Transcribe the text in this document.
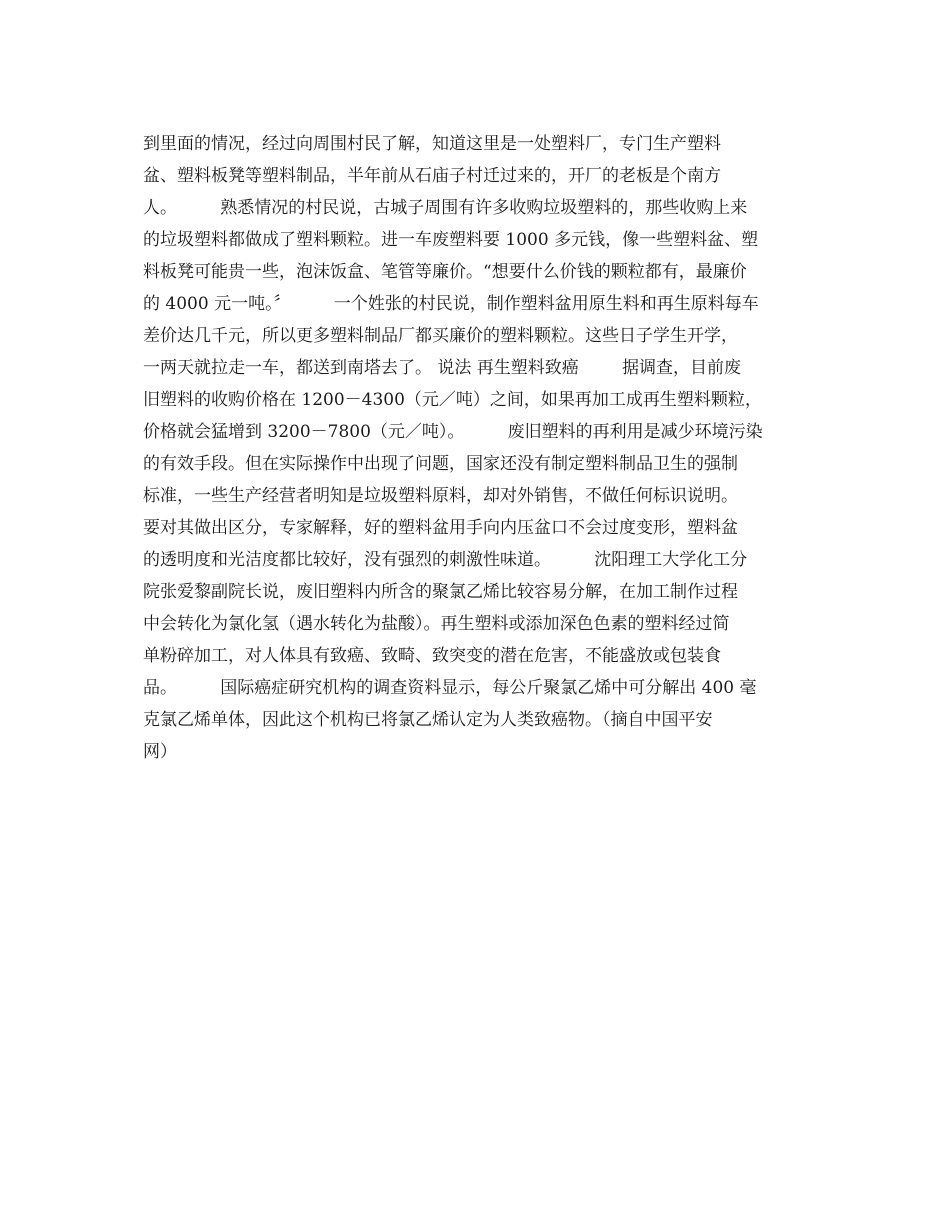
到里面的情况，经过向周围村民了解，知道这里是一处塑料厂，专门生产塑料
盆、塑料板凳等塑料制品，半年前从石庙子村迁过来的，开厂的老板是个南方
人。        熟悉情况的村民说，古城子周围有许多收购垃圾塑料的，那些收购上来
的垃圾塑料都做成了塑料颗粒。进一车废塑料要 1000 多元钱，像一些塑料盆、塑
料板凳可能贵一些，泡沫饭盒、笔管等廉价。“想要什么价钱的颗粒都有，最廉价
的 4000 元一吨。〞        一个姓张的村民说，制作塑料盆用原生料和再生原料每车
差价达几千元，所以更多塑料制品厂都买廉价的塑料颗粒。这些日子学生开学，
一两天就拉走一车，都送到南塔去了。 说法 再生塑料致癌        据调查，目前废
旧塑料的收购价格在 1200－4300（元／吨）之间，如果再加工成再生塑料颗粒，
价格就会猛增到 3200－7800（元／吨）。        废旧塑料的再利用是减少环境污染
的有效手段。但在实际操作中出现了问题，国家还没有制定塑料制品卫生的强制
标准，一些生产经营者明知是垃圾塑料原料，却对外销售，不做任何标识说明。
要对其做出区分，专家解释，好的塑料盆用手向内压盆口不会过度变形，塑料盆
的透明度和光洁度都比较好，没有强烈的刺激性味道。        沈阳理工大学化工分
院张爱黎副院长说，废旧塑料内所含的聚氯乙烯比较容易分解，在加工制作过程
中会转化为氯化氢（遇水转化为盐酸）。再生塑料或添加深色色素的塑料经过简
单粉碎加工，对人体具有致癌、致畸、致突变的潜在危害，不能盛放或包装食
品。        国际癌症研究机构的调查资料显示，每公斤聚氯乙烯中可分解出 400 毫
克氯乙烯单体，因此这个机构已将氯乙烯认定为人类致癌物。（摘自中国平安
网）
